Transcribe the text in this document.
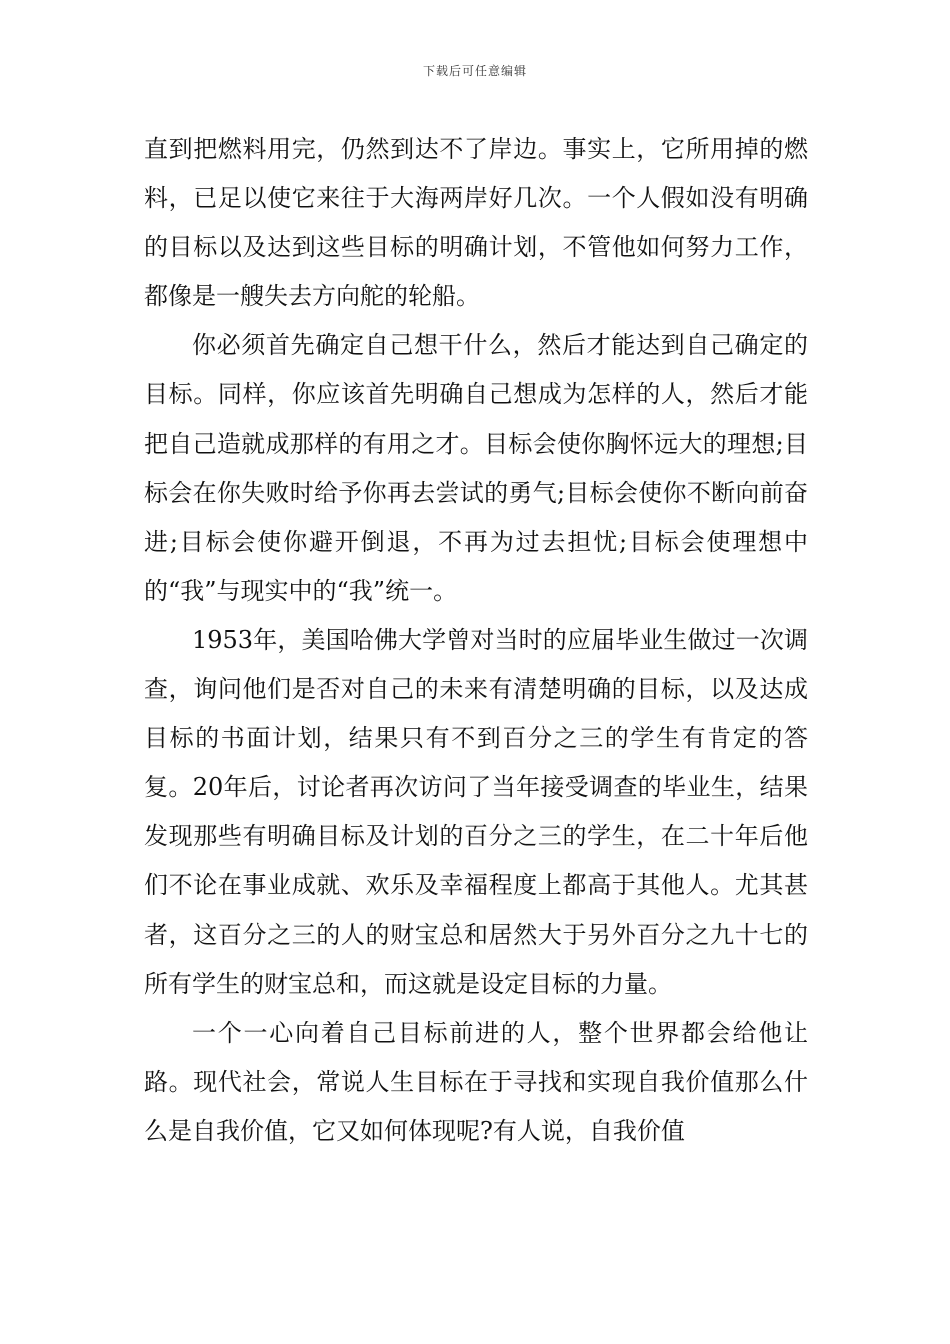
下载后可任意编辑

直到把燃料用完，仍然到达不了岸边。事实上，它所用掉的燃料，已足以使它来往于大海两岸好几次。一个人假如没有明确的目标以及达到这些目标的明确计划，不管他如何努力工作，都像是一艘失去方向舵的轮船。

你必须首先确定自己想干什么，然后才能达到自己确定的目标。同样，你应该首先明确自己想成为怎样的人，然后才能把自己造就成那样的有用之才。目标会使你胸怀远大的理想;目标会在你失败时给予你再去尝试的勇气;目标会使你不断向前奋进;目标会使你避开倒退，不再为过去担忧;目标会使理想中的“我”与现实中的“我”统一。

1953年，美国哈佛大学曾对当时的应届毕业生做过一次调查，询问他们是否对自己的未来有清楚明确的目标，以及达成目标的书面计划，结果只有不到百分之三的学生有肯定的答复。20年后，讨论者再次访问了当年接受调查的毕业生，结果发现那些有明确目标及计划的百分之三的学生，在二十年后他们不论在事业成就、欢乐及幸福程度上都高于其他人。尤其甚者，这百分之三的人的财宝总和居然大于另外百分之九十七的所有学生的财宝总和，而这就是设定目标的力量。

一个一心向着自己目标前进的人，整个世界都会给他让路。现代社会，常说人生目标在于寻找和实现自我价值那么什么是自我价值，它又如何体现呢?有人说，自我价值
